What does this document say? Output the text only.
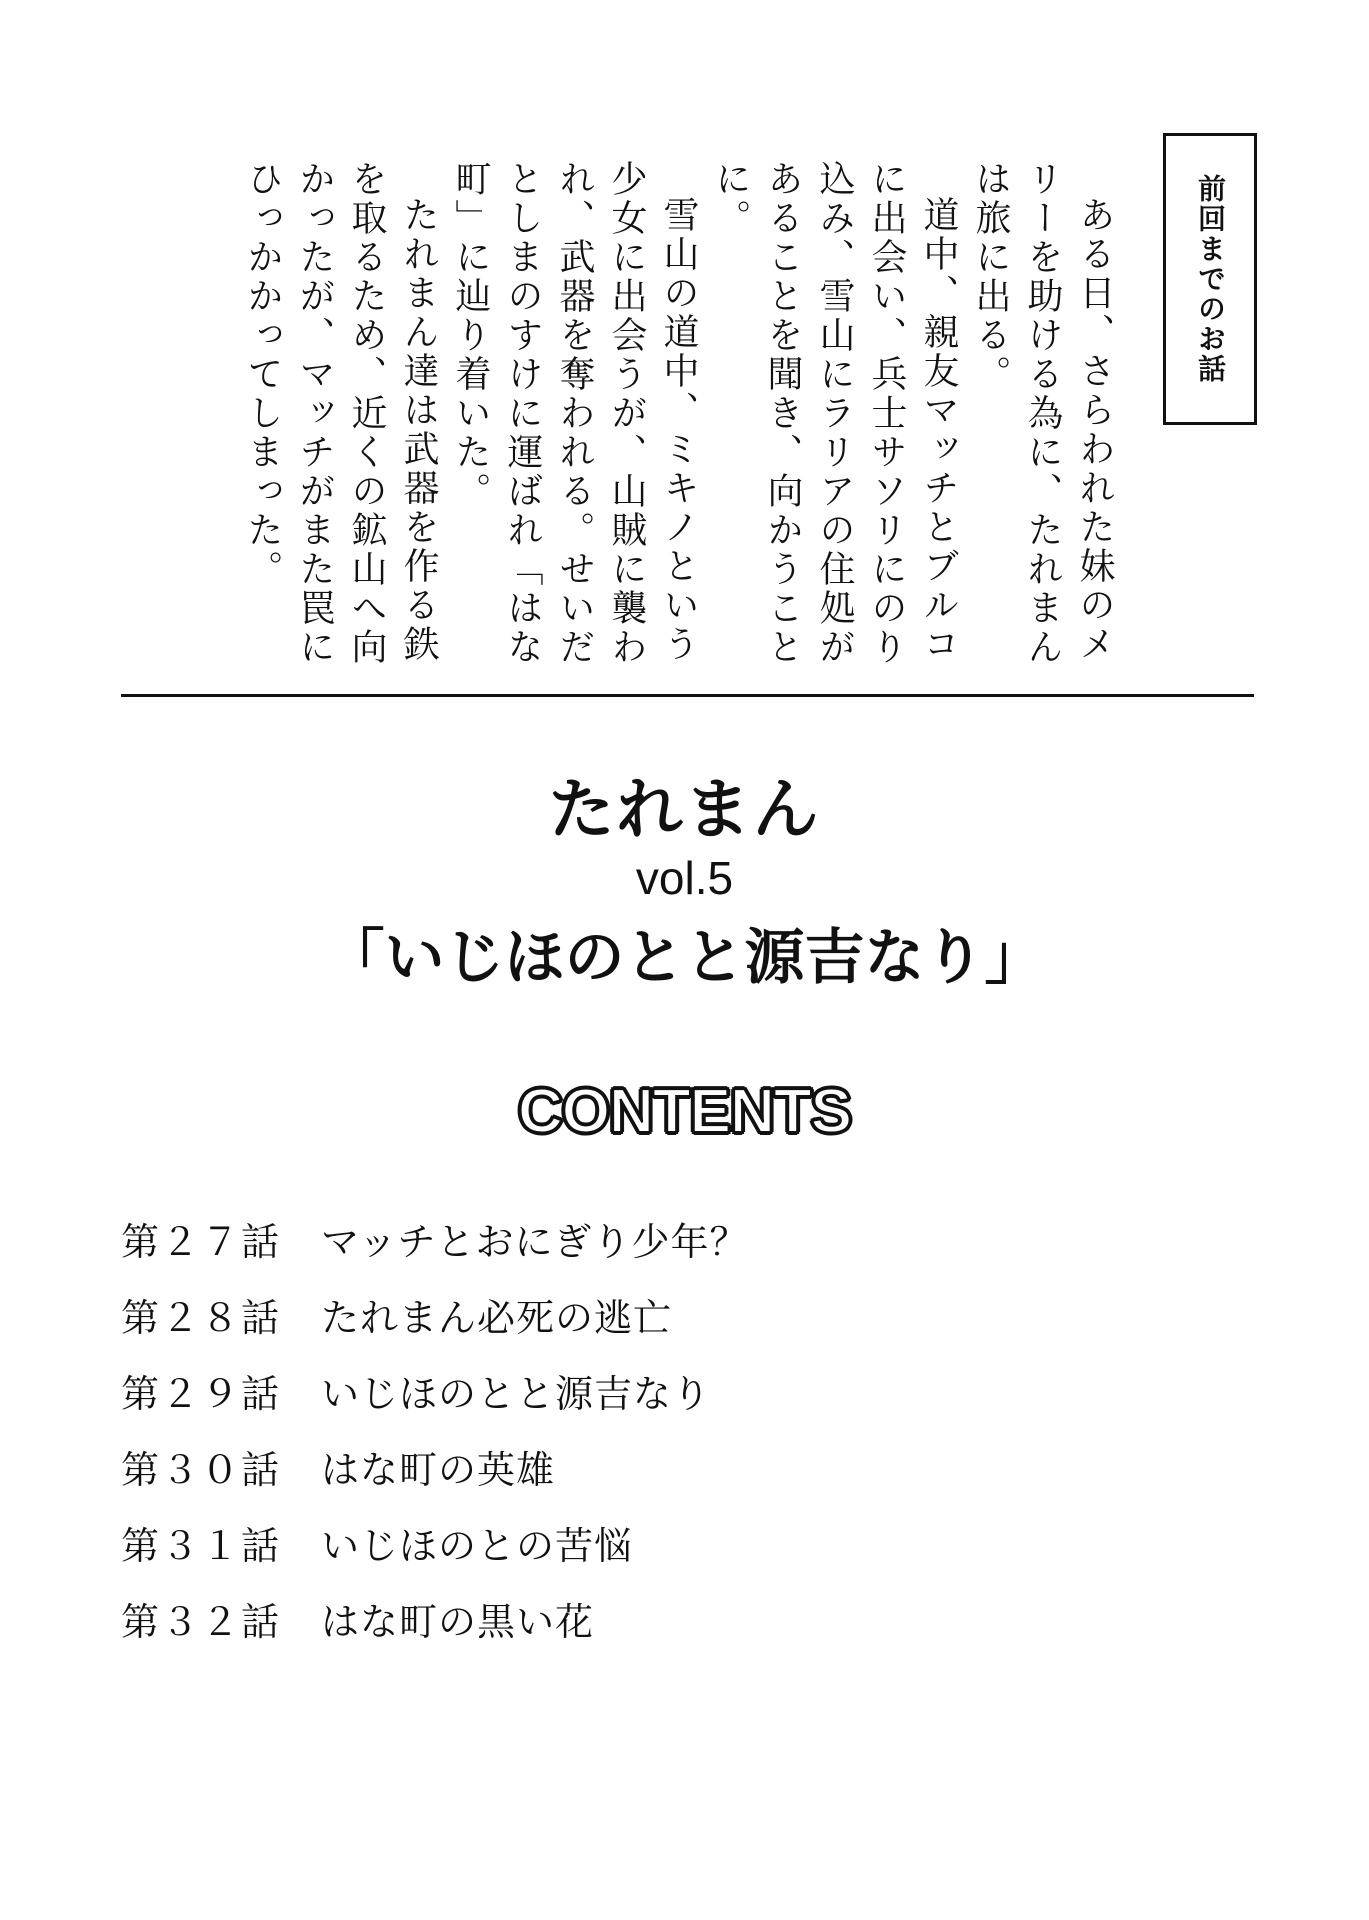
前回までのお話

ある日、さらわれた妹のメリーを助ける為に、たれまんは旅に出る。

道中、親友マッチとブルコに出会い、兵士サソリにのり込み、雪山にラリアの住処があることを聞き、向かうことに。

雪山の道中、ミキノという少女に出会うが、山賊に襲われ、武器を奪われる。せいだとしまのすけに運ばれ「はな町」に辿り着いた。

たれまん達は武器を作る鉄を取るため、近くの鉱山へ向かったが、マッチがまた罠にひっかかってしまった。

たれまん
vol.5
「いじほのとと源吉なり」
CONTENTS
第２７話	マッチとおにぎり少年？
第２８話	たれまん必死の逃亡
第２９話	いじほのとと源吉なり
第３０話	はな町の英雄
第３１話	いじほのとの苦悩
第３２話	はな町の黒い花
